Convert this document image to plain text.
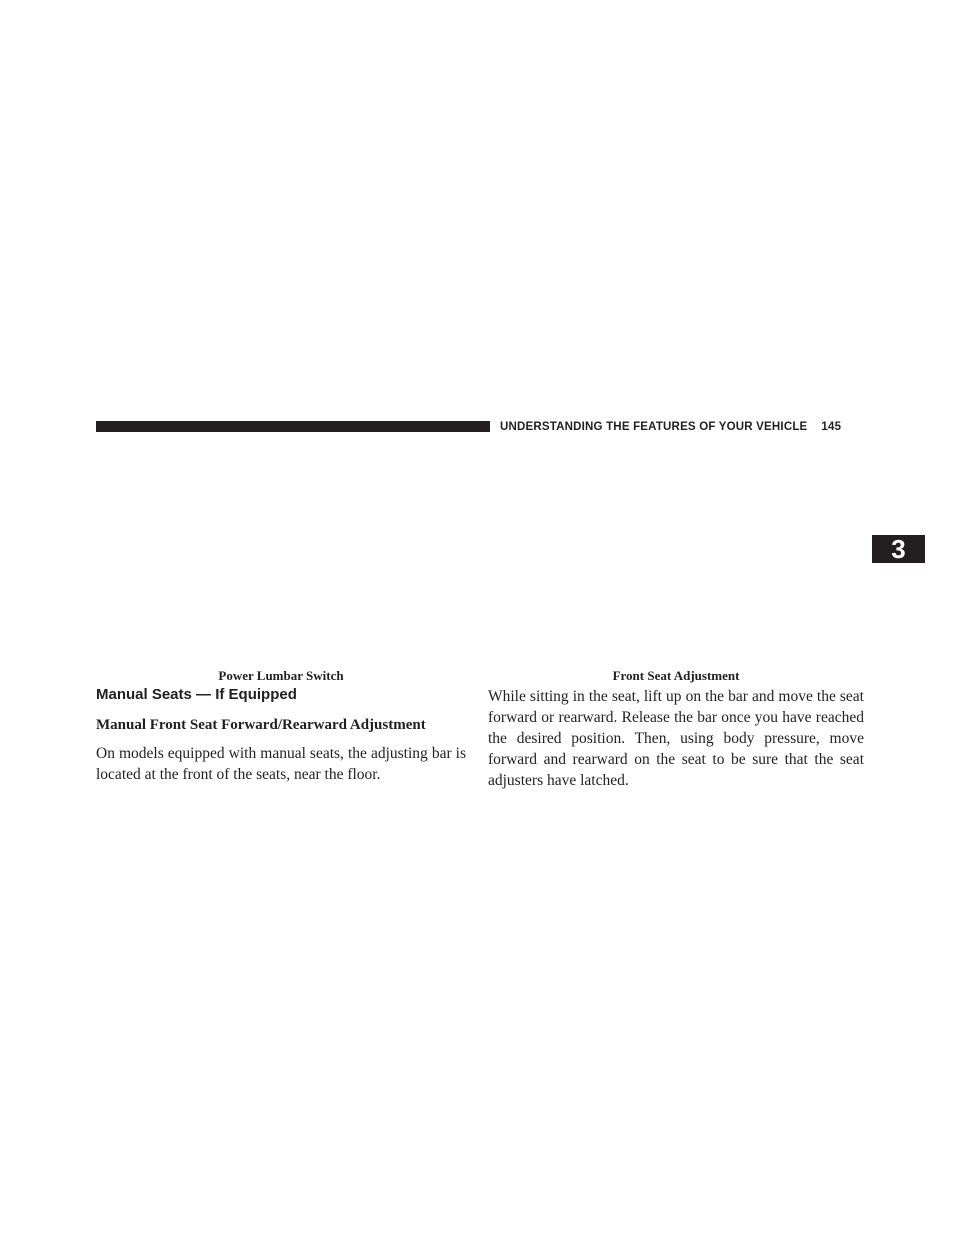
UNDERSTANDING THE FEATURES OF YOUR VEHICLE 145
3
Power Lumbar Switch	Front Seat Adjustment
Manual Seats — If Equipped
Manual Front Seat Forward/Rearward Adjustment

On models equipped with manual seats, the adjusting bar is located at the front of the seats, near the floor.

While sitting in the seat, lift up on the bar and move the seat forward or rearward. Release the bar once you have reached the desired position. Then, using body pressure, move forward and rearward on the seat to be sure that the seat adjusters have latched.
